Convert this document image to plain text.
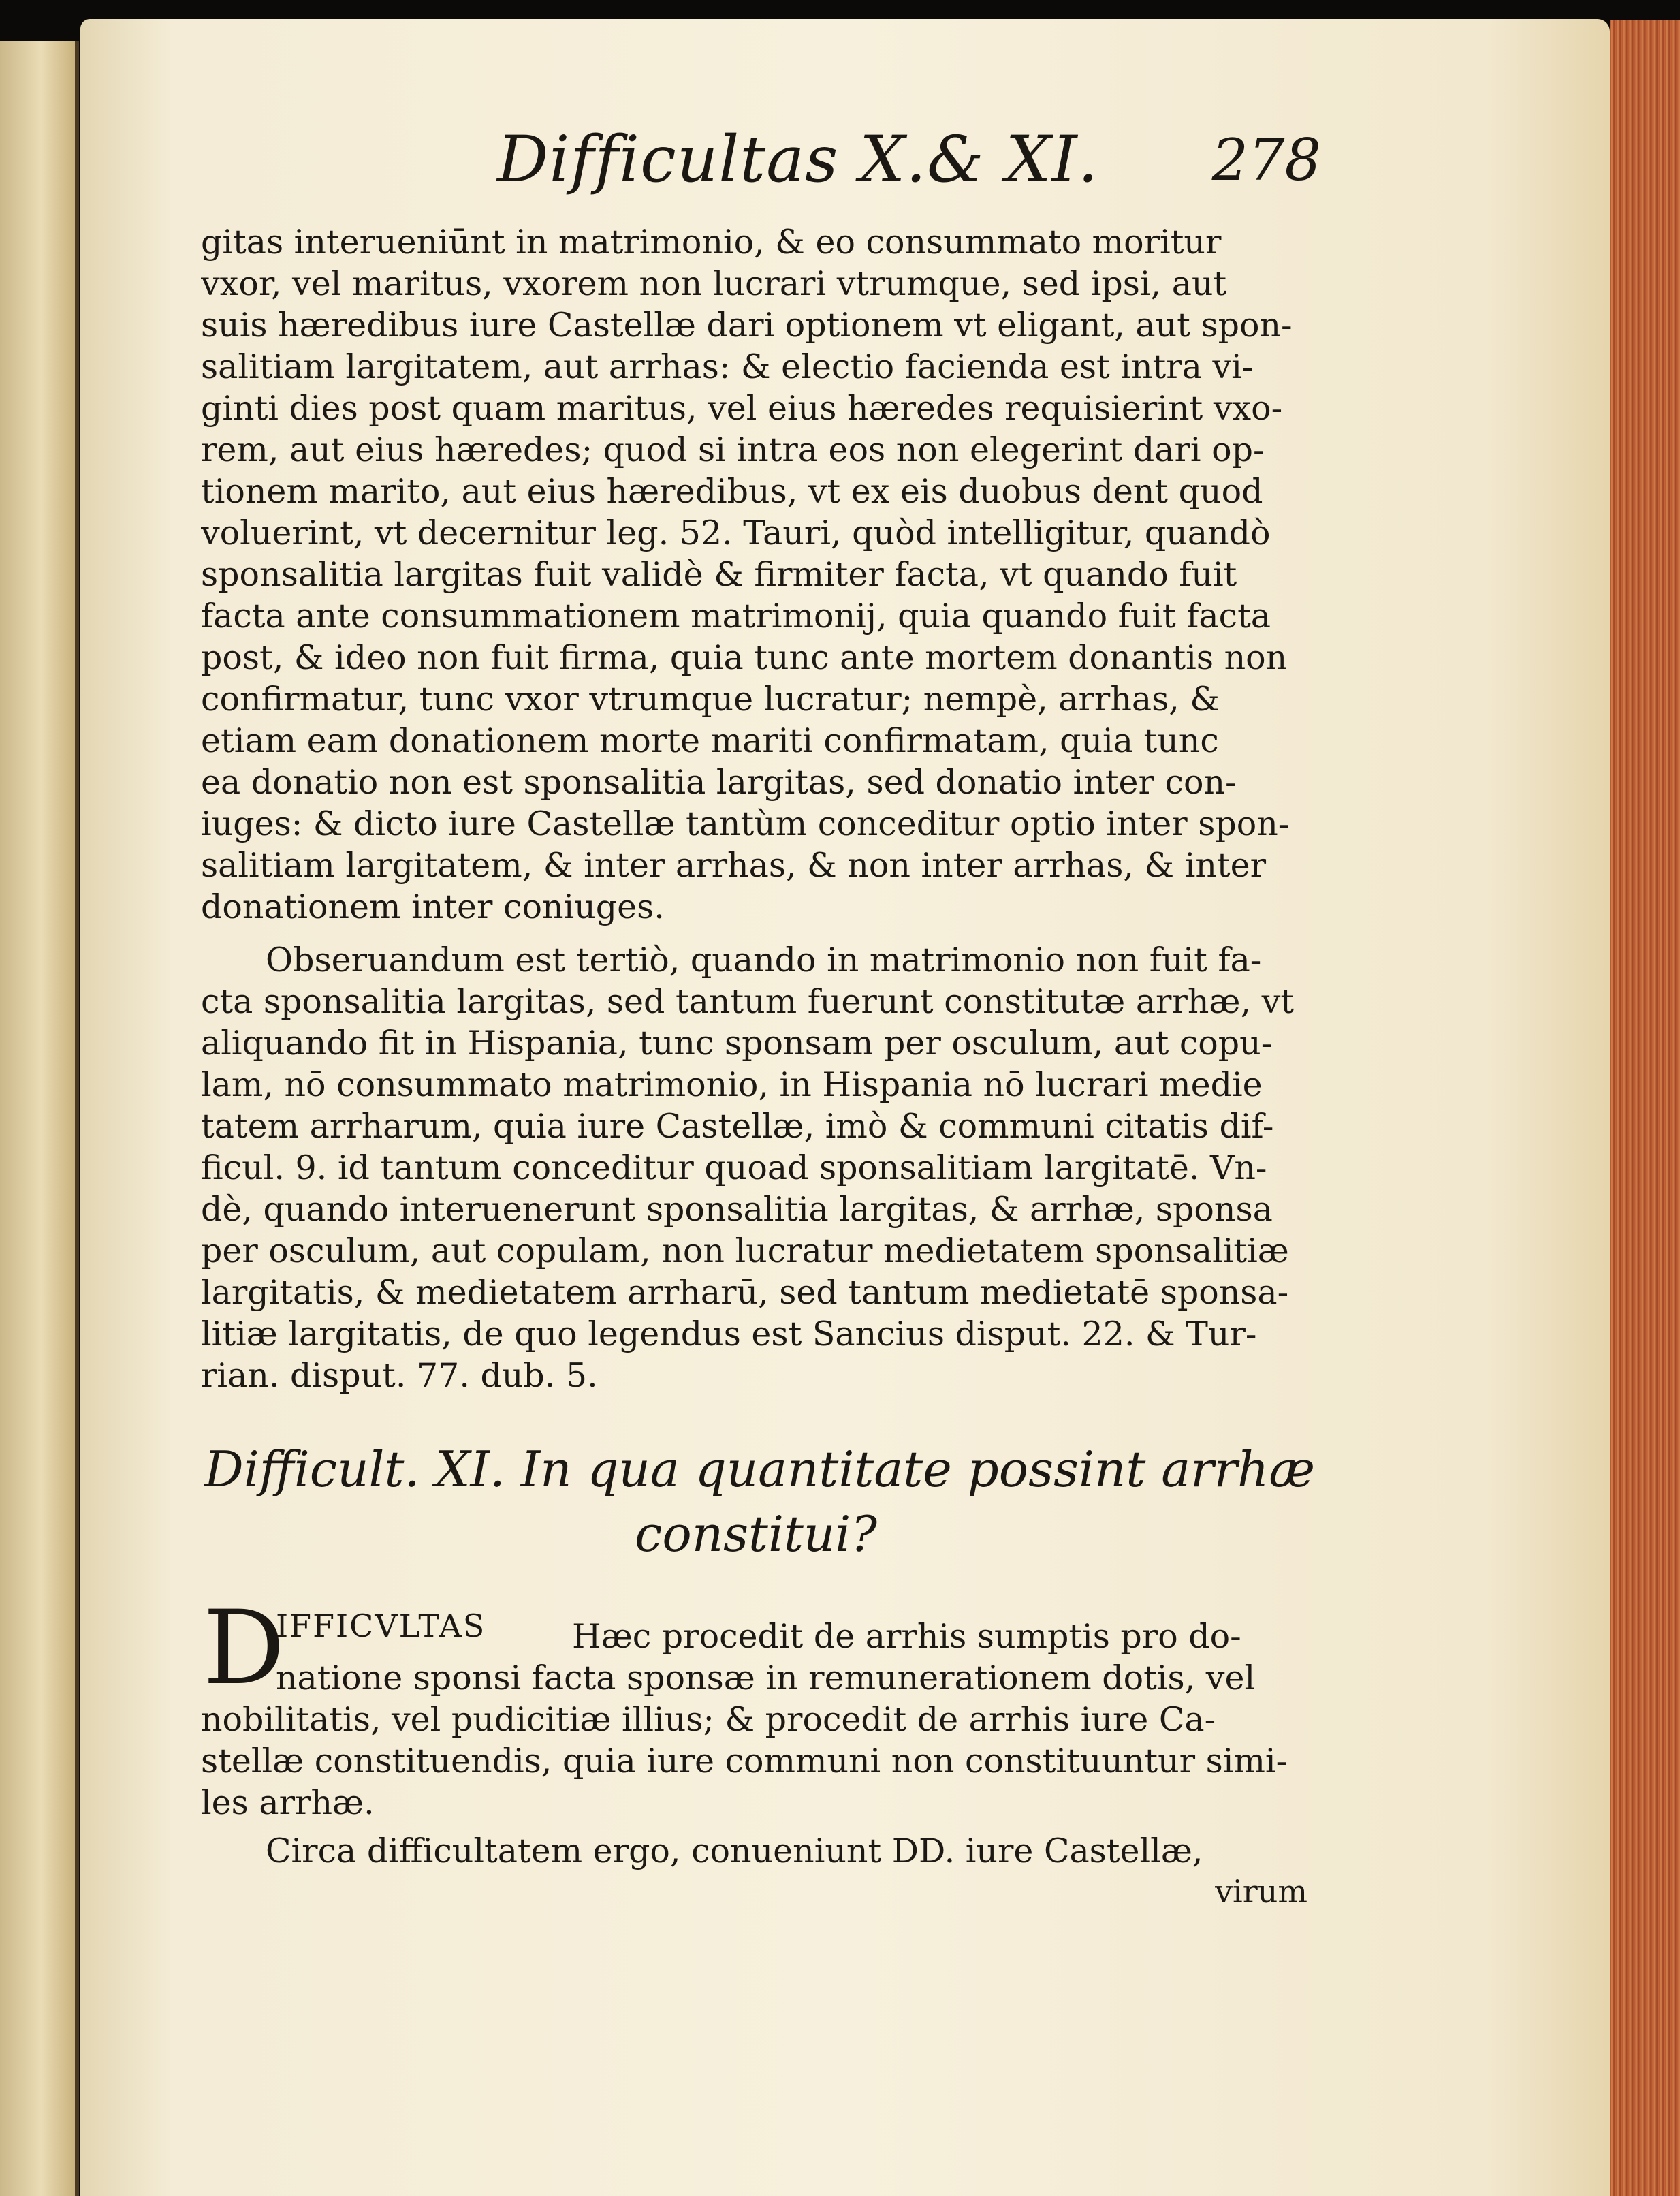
Difficultas X.& XI. 278
gitas interueniūnt in matrimonio, & eo consummato moritur
vxor, vel maritus, vxorem non lucrari vtrumque, sed ipsi, aut
suis hæredibus iure Castellæ dari optionem vt eligant, aut spon-
salitiam largitatem, aut arrhas: & electio facienda est intra vi-
ginti dies post quam maritus, vel eius hæredes requisierint vxo-
rem, aut eius hæredes; quod si intra eos non elegerint dari op-
tionem marito, aut eius hæredibus, vt ex eis duobus dent quod
voluerint, vt decernitur leg. 52. Tauri, quòd intelligitur, quandò
sponsalitia largitas fuit validè & firmiter facta, vt quando fuit
facta ante consummationem matrimonij, quia quando fuit facta
post, & ideo non fuit firma, quia tunc ante mortem donantis non
confirmatur, tunc vxor vtrumque lucratur; nempè, arrhas, &
etiam eam donationem morte mariti confirmatam, quia tunc
ea donatio non est sponsalitia largitas, sed donatio inter con-
iuges: & dicto iure Castellæ tantùm conceditur optio inter spon-
salitiam largitatem, & inter arrhas, & non inter arrhas, & inter
donationem inter coniuges.
Obseruandum est tertiò, quando in matrimonio non fuit fa-
cta sponsalitia largitas, sed tantum fuerunt constitutæ arrhæ, vt
aliquando fit in Hispania, tunc sponsam per osculum, aut copu-
lam, nō consummato matrimonio, in Hispania nō lucrari medie
tatem arrharum, quia iure Castellæ, imò & communi citatis dif-
ficul. 9. id tantum conceditur quoad sponsalitiam largitatē. Vn-
dè, quando interuenerunt sponsalitia largitas, & arrhæ, sponsa
per osculum, aut copulam, non lucratur medietatem sponsalitiæ
largitatis, & medietatem arrharū, sed tantum medietatē sponsa-
litiæ largitatis, de quo legendus est Sancius disput. 22. & Tur-
rian. disput. 77. dub. 5.
Difficult. XI. In qua quantitate possint arrhæ
constitui?
D
IFFICVLTAS	Hæc procedit de arrhis sumptis pro do-
natione sponsi facta sponsæ in remunerationem dotis, vel
nobilitatis, vel pudicitiæ illius; & procedit de arrhis iure Ca-
stellæ constituendis, quia iure communi non constituuntur simi-
les arrhæ.
Circa difficultatem ergo, conueniunt DD. iure Castellæ,
virum
